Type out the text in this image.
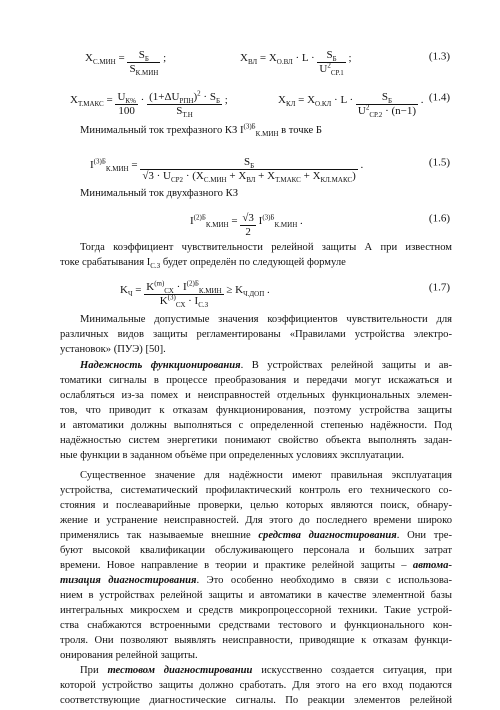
$X_{С.МИН} = \frac{S_Б}{S_{К.МИН}}$ ;	$X_{ВЛ} = X_{О.ВЛ} \cdot L \cdot \frac{S_Б}{U^2_{СР.1}}$ ;	(1.3)
$X_{Т.МАКС} = \frac{U_{К\%}}{100} \cdot \frac{(1+\Delta U_{РПН})^2 \cdot S_Б}{S_{Т.Н}}$ ;	$X_{КЛ} = X_{О.КЛ} \cdot L \cdot \frac{S_Б}{U^2_{СР.2} \cdot (n-1)}$ . (1.4)
Минимальный ток трехфазного КЗ $I^{(3)Б}_{К.МИН}$ в точке Б
$I^{(3)Б}_{К.МИН} = \frac{S_Б}{√3 \cdot U_{СР2} \cdot (X_{С.МИН} + X_{ВЛ} + X_{Т.МАКС} + X_{КЛ.МАКС})}$ .	(1.5)
Минимальный ток двухфазного КЗ
$I^{(2)Б}_{К.МИН} = \frac{√3}{2} I^{(3)Б}_{К.МИН}$ .	(1.6)
Тогда коэффициент чувствительности релейной защиты А при известном
токе срабатывания $I_{С.З}$ будет определён по следующей формуле
$K_Ч = \frac{K^{(m)}_{СХ} \cdot I^{(2)Б}_{К.МИН}}{K^{(3)}_{СХ} \cdot I_{С.З}} \ge K_{Ч.ДОП}$ .	(1.7)
Минимальные допустимые значения коэффициентов чувствительности для
различных видов защиты регламентированы «Правилами устройства электро-
установок» (ПУЭ) [50].
Надежность функционирования. В устройствах релейной защиты и ав-
томатики сигналы в процессе преобразования и передачи могут искажаться и
ослабляться из-за помех и неисправностей отдельных функциональных элемен-
тов, что приводит к отказам функционирования, поэтому устройства защиты
и автоматики должны выполняться с определенной степенью надёжности. Под
надёжностью систем энергетики понимают свойство объекта выполнять задан-
ные функции в заданном объёме при определенных условиях эксплуатации.
Существенное значение для надёжности имеют правильная эксплуатация
устройства, систематический профилактический контроль его технического со-
стояния и послеаварийные проверки, целью которых являются поиск, обнару-
жение и устранение неисправностей. Для этого до последнего времени широко
применялись так называемые внешние средства диагностирования. Они тре-
буют высокой квалификации обслуживающего персонала и больших затрат
времени. Новое направление в теории и практике релейной защиты – автома-
тизация диагностирования. Это особенно необходимо в связи с использова-
нием в устройствах релейной защиты и автоматики в качестве элементной базы
интегральных микросхем и средств микропроцессорной техники. Такие устрой-
ства снабжаются встроенными средствами тестового и функционального кон-
троля. Они позволяют выявлять неисправности, приводящие к отказам функци-
онирования релейной защиты.
При тестовом диагностировании искусственно создается ситуация, при
которой устройство защиты должно сработать. Для этого на его вход подаются
соответствующие диагностические сигналы. По реакции элементов релейной
